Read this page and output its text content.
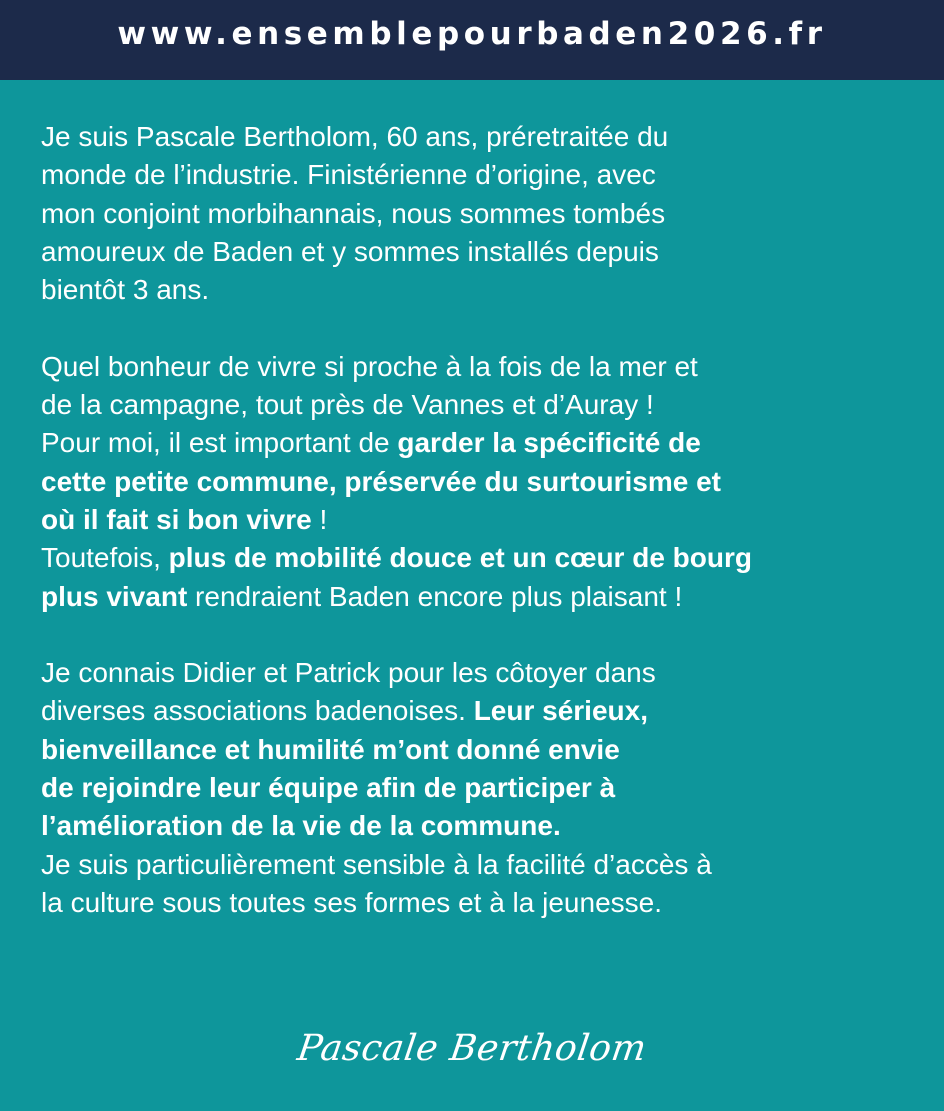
www.ensemblepourbaden2026.fr

Je suis Pascale Bertholom, 60 ans, préretraitée du
monde de l’industrie. Finistérienne d’origine, avec
mon conjoint morbihannais, nous sommes tombés
amoureux de Baden et y sommes installés depuis
bientôt 3 ans.

Quel bonheur de vivre si proche à la fois de la mer et
de la campagne, tout près de Vannes et d’Auray !
Pour moi, il est important de garder la spécificité de
cette petite commune, préservée du surtourisme et
où il fait si bon vivre !
Toutefois, plus de mobilité douce et un cœur de bourg
plus vivant rendraient Baden encore plus plaisant !

Je connais Didier et Patrick pour les côtoyer dans
diverses associations badenoises. Leur sérieux,
bienveillance et humilité m’ont donné envie
de rejoindre leur équipe afin de participer à
l’amélioration de la vie de la commune.
Je suis particulièrement sensible à la facilité d’accès à
la culture sous toutes ses formes et à la jeunesse.

Pascale Bertholom
